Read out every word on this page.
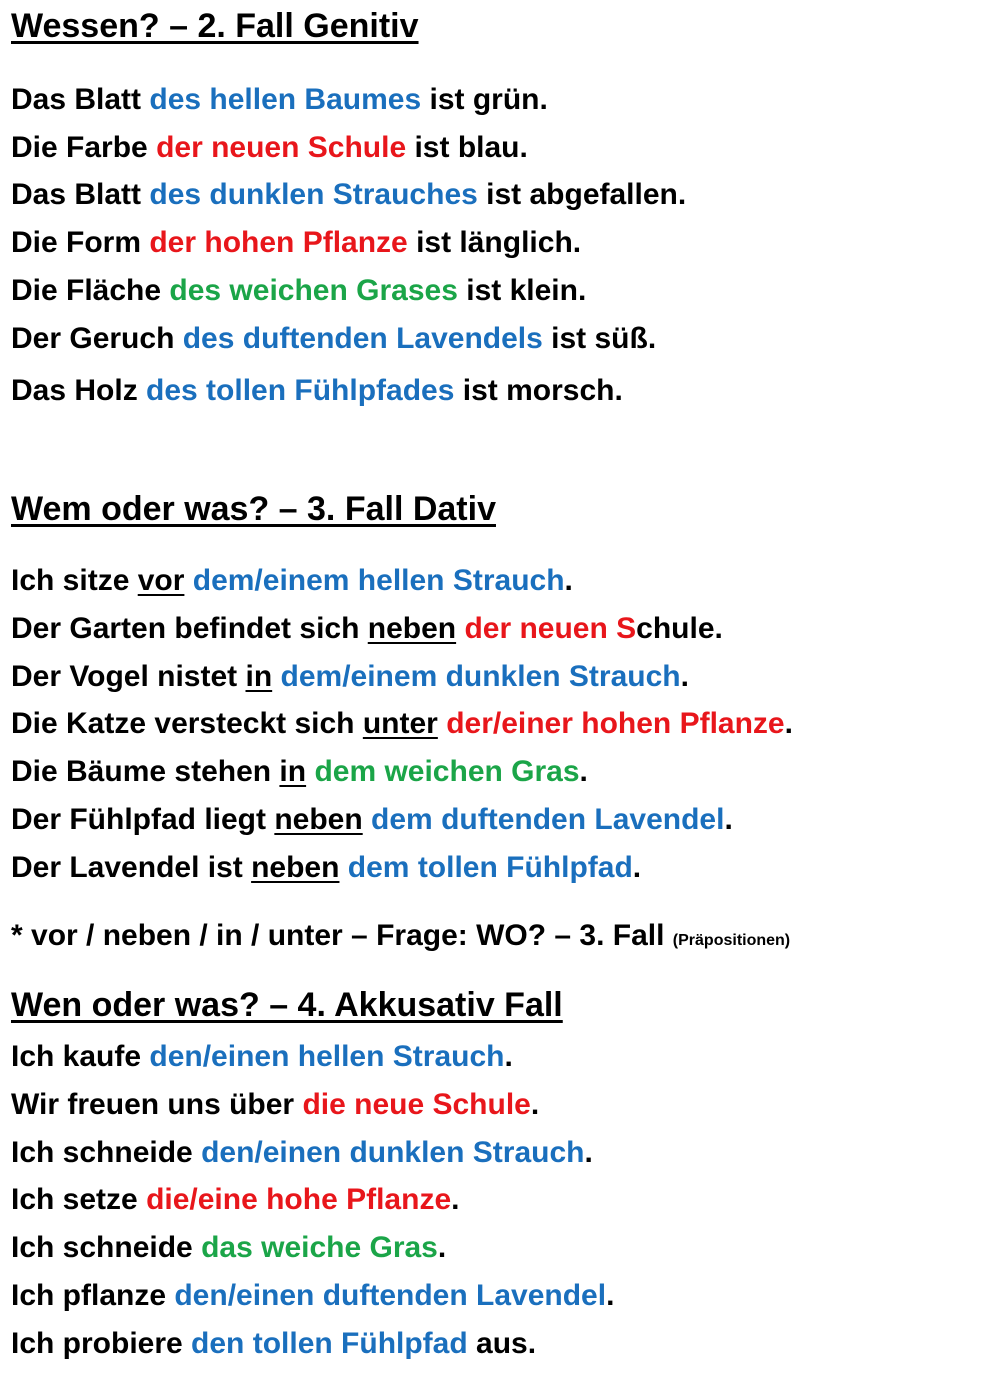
Wessen? – 2. Fall Genitiv
Das Blatt des hellen Baumes ist grün.
Die Farbe der neuen Schule ist blau.
Das Blatt des dunklen Strauches ist abgefallen.
Die Form der hohen Pflanze ist länglich.
Die Fläche des weichen Grases ist klein.
Der Geruch des duftenden Lavendels ist süß.
Das Holz des tollen Fühlpfades ist morsch.
Wem oder was? – 3. Fall Dativ
Ich sitze vor dem/einem hellen Strauch.
Der Garten befindet sich neben der neuen Schule.
Der Vogel nistet in dem/einem dunklen Strauch.
Die Katze versteckt sich unter der/einer hohen Pflanze.
Die Bäume stehen in dem weichen Gras.
Der Fühlpfad liegt neben dem duftenden Lavendel.
Der Lavendel ist neben dem tollen Fühlpfad.
* vor / neben / in / unter – Frage: WO? – 3. Fall (Präpositionen)
Wen oder was? – 4. Akkusativ Fall
Ich kaufe den/einen hellen Strauch.
Wir freuen uns über die neue Schule.
Ich schneide den/einen dunklen Strauch.
Ich setze die/eine hohe Pflanze.
Ich schneide das weiche Gras.
Ich pflanze den/einen duftenden Lavendel.
Ich probiere den tollen Fühlpfad aus.
